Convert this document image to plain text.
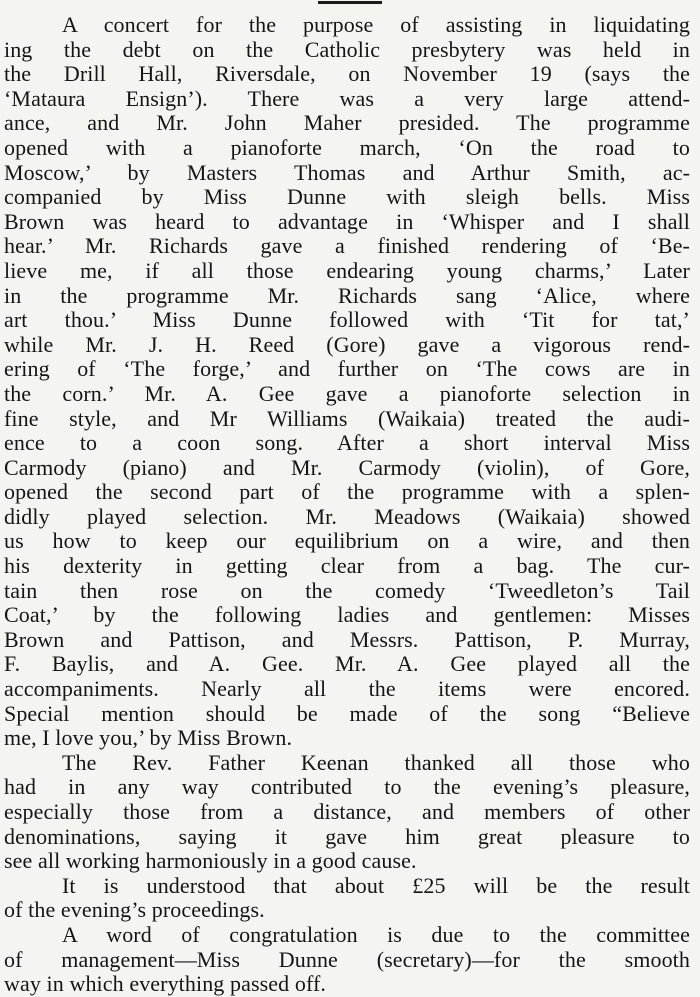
A concert for the purpose of assisting in liquidating
ing the debt on the Catholic presbytery was held in
the Drill Hall, Riversdale, on November 19 (says the
‘Mataura Ensign’). There was a very large attend-
ance, and Mr. John Maher presided. The programme
opened with a pianoforte march, ‘On the road to
Moscow,’ by Masters Thomas and Arthur Smith, ac-
companied by Miss Dunne with sleigh bells. Miss
Brown was heard to advantage in ‘Whisper and I shall
hear.’ Mr. Richards gave a finished rendering of ‘Be-
lieve me, if all those endearing young charms,’ Later
in the programme Mr. Richards sang ‘Alice, where
art thou.’ Miss Dunne followed with ‘Tit for tat,’
while Mr. J. H. Reed (Gore) gave a vigorous rend-
ering of ‘The forge,’ and further on ‘The cows are in
the corn.’ Mr. A. Gee gave a pianoforte selection in
fine style, and Mr Williams (Waikaia) treated the audi-
ence to a coon song. After a short interval Miss
Carmody (piano) and Mr. Carmody (violin), of Gore,
opened the second part of the programme with a splen-
didly played selection. Mr. Meadows (Waikaia) showed
us how to keep our equilibrium on a wire, and then
his dexterity in getting clear from a bag. The cur-
tain then rose on the comedy ‘Tweedleton’s Tail
Coat,’ by the following ladies and gentlemen: Misses
Brown and Pattison, and Messrs. Pattison, P. Murray,
F. Baylis, and A. Gee. Mr. A. Gee played all the
accompaniments. Nearly all the items were encored.
Special mention should be made of the song “Believe
me, I love you,’ by Miss Brown.
The Rev. Father Keenan thanked all those who
had in any way contributed to the evening’s pleasure,
especially those from a distance, and members of other
denominations, saying it gave him great pleasure to
see all working harmoniously in a good cause.
It is understood that about £25 will be the result
of the evening’s proceedings.
A word of congratulation is due to the committee
of management—Miss Dunne (secretary)—for the smooth
way in which everything passed off.
